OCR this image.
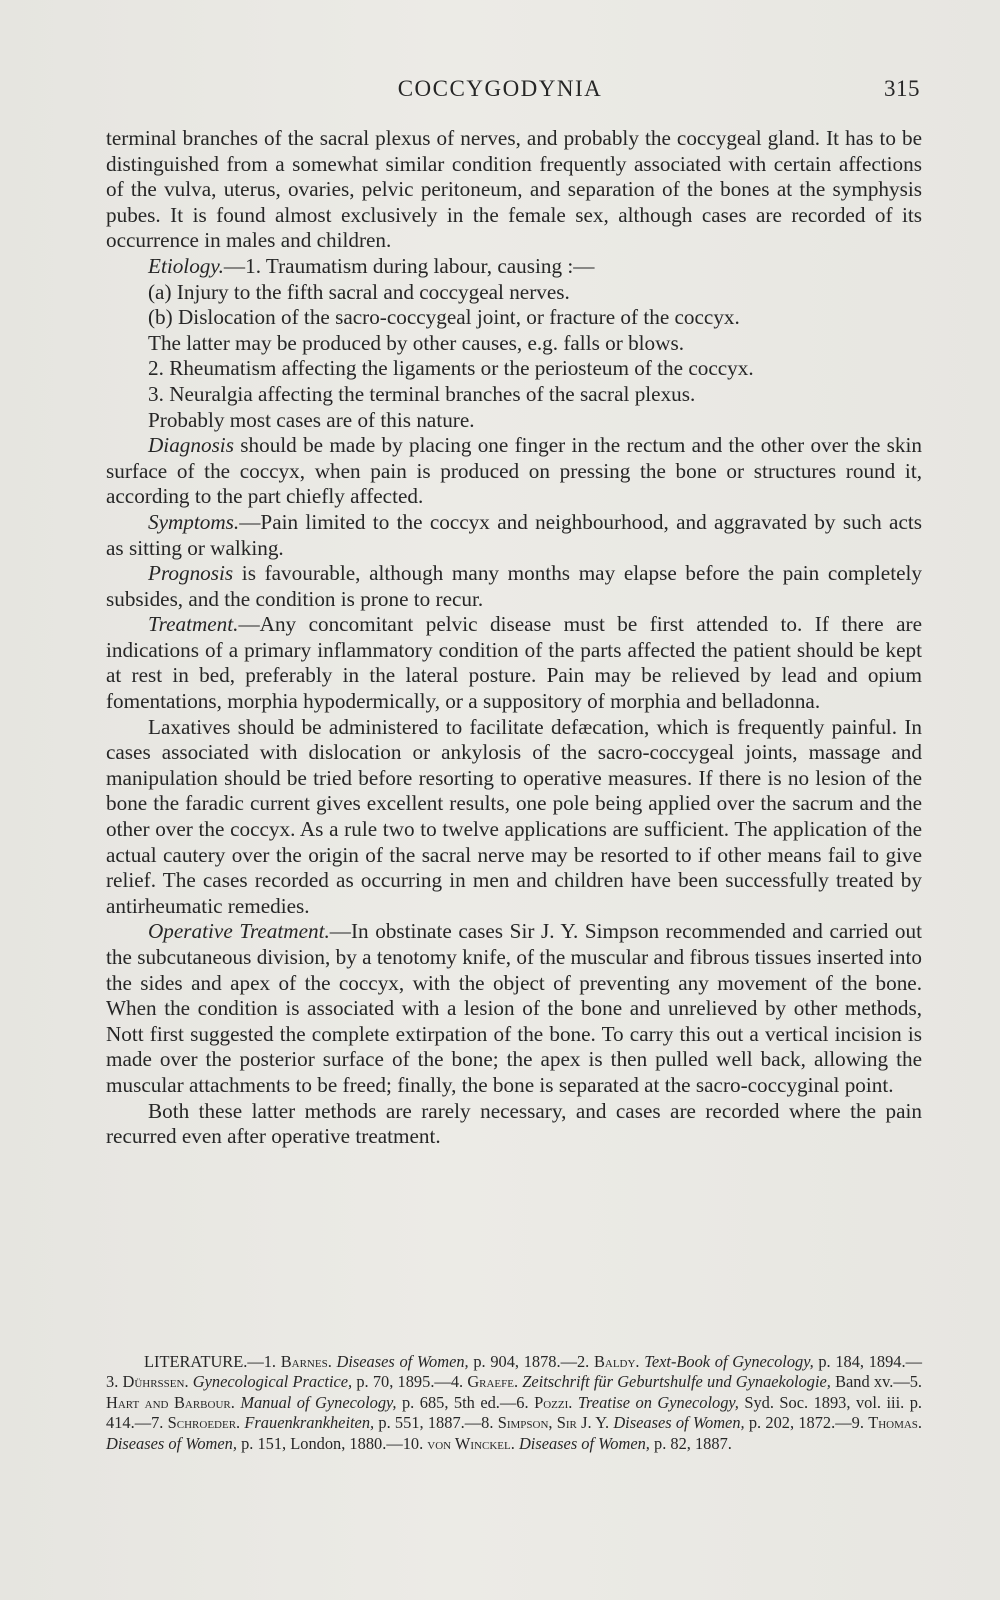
COCCYGODYNIA	315

terminal branches of the sacral plexus of nerves, and probably the coccygeal gland. It has to be distinguished from a somewhat similar condition frequently associated with certain affections of the vulva, uterus, ovaries, pelvic peritoneum, and separation of the bones at the symphysis pubes. It is found almost exclusively in the female sex, although cases are recorded of its occurrence in males and children.

Etiology.—1. Traumatism during labour, causing :—

(a) Injury to the fifth sacral and coccygeal nerves.

(b) Dislocation of the sacro-coccygeal joint, or fracture of the coccyx.

The latter may be produced by other causes, e.g. falls or blows.

2. Rheumatism affecting the ligaments or the periosteum of the coccyx.

3. Neuralgia affecting the terminal branches of the sacral plexus.

Probably most cases are of this nature.

Diagnosis should be made by placing one finger in the rectum and the other over the skin surface of the coccyx, when pain is produced on pressing the bone or structures round it, according to the part chiefly affected.

Symptoms.—Pain limited to the coccyx and neighbourhood, and aggravated by such acts as sitting or walking.

Prognosis is favourable, although many months may elapse before the pain completely subsides, and the condition is prone to recur.

Treatment.—Any concomitant pelvic disease must be first attended to. If there are indications of a primary inflammatory condition of the parts affected the patient should be kept at rest in bed, preferably in the lateral posture. Pain may be relieved by lead and opium fomentations, morphia hypodermically, or a suppository of morphia and belladonna.

Laxatives should be administered to facilitate defæcation, which is frequently painful. In cases associated with dislocation or ankylosis of the sacro-coccygeal joints, massage and manipulation should be tried before resorting to operative measures. If there is no lesion of the bone the faradic current gives excellent results, one pole being applied over the sacrum and the other over the coccyx. As a rule two to twelve applications are sufficient. The application of the actual cautery over the origin of the sacral nerve may be resorted to if other means fail to give relief. The cases recorded as occurring in men and children have been successfully treated by antirheumatic remedies.

Operative Treatment.—In obstinate cases Sir J. Y. Simpson recommended and carried out the subcutaneous division, by a tenotomy knife, of the muscular and fibrous tissues inserted into the sides and apex of the coccyx, with the object of preventing any movement of the bone. When the condition is associated with a lesion of the bone and unrelieved by other methods, Nott first suggested the complete extirpation of the bone. To carry this out a vertical incision is made over the posterior surface of the bone; the apex is then pulled well back, allowing the muscular attachments to be freed; finally, the bone is separated at the sacro-coccyginal point.

Both these latter methods are rarely necessary, and cases are recorded where the pain recurred even after operative treatment.

LITERATURE.—1. Barnes. Diseases of Women, p. 904, 1878.—2. Baldy. Text-Book of Gynecology, p. 184, 1894.—3. Dührssen. Gynecological Practice, p. 70, 1895.—4. Graefe. Zeitschrift für Geburtshulfe und Gynaekologie, Band xv.—5. Hart and Barbour. Manual of Gynecology, p. 685, 5th ed.—6. Pozzi. Treatise on Gynecology, Syd. Soc. 1893, vol. iii. p. 414.—7. Schroeder. Frauenkrankheiten, p. 551, 1887.—8. Simpson, Sir J. Y. Diseases of Women, p. 202, 1872.—9. Thomas. Diseases of Women, p. 151, London, 1880.—10. von Winckel. Diseases of Women, p. 82, 1887.
